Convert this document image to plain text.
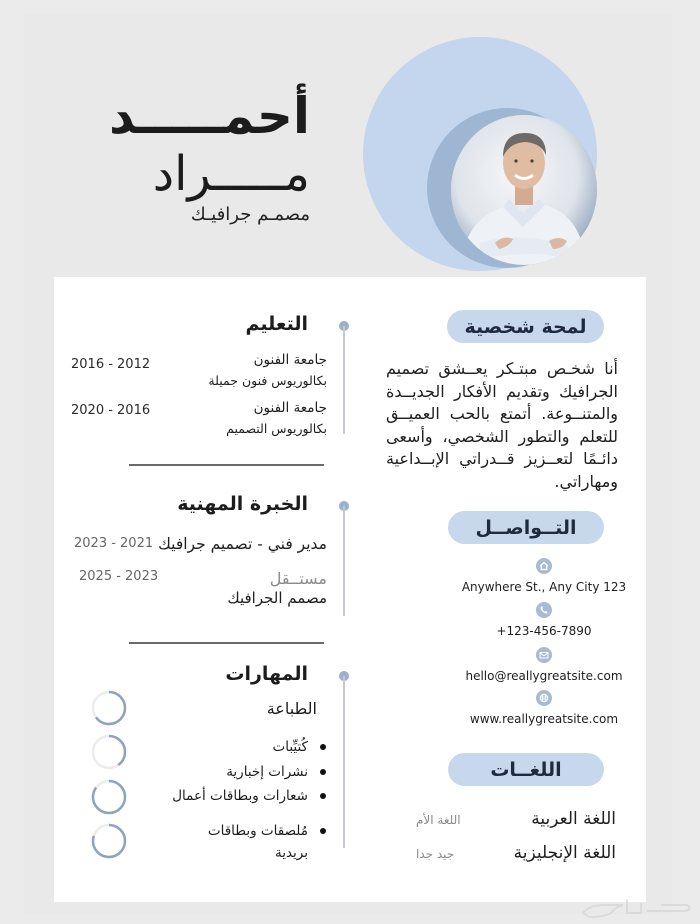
أحمـــــد
مـــــراد
مصمـم جرافيـك
لمحة شخصية

أنا شخـص مبتـكر يعــشق تصميم الجرافيك وتقديم الأفكار الجديــدة والمتنــوعة. أتمتع بالحب العميــق للتعلم والتطور الشخصي، وأسعى دائـمًا لتعــزيز قــدراتي الإبــداعية ومهاراتي.

التــواصــل
Anywhere St., Any City 123
+123-456-7890
hello@reallygreatsite.com
www.reallygreatsite.com
اللغــات
اللغة العربية
اللغة الأم
اللغة الإنجليزية
جيد جدا
التعليم
جامعة الفنون
بكالوريوس فنون جميلة
2016 - 2012
جامعة الفنون
بكالوريوس التصميم
2020 - 2016
الخبرة المهنية
مدير فني - تصميم جرافيك
2023 - 2021
مستــقل
مصمم الجرافيك
2025 - 2023
المهارات
الطباعة
كُتيِّبات
نشرات إخبارية
شعارات وبطاقات أعمال
مُلصقات وبطاقات
بريدية
